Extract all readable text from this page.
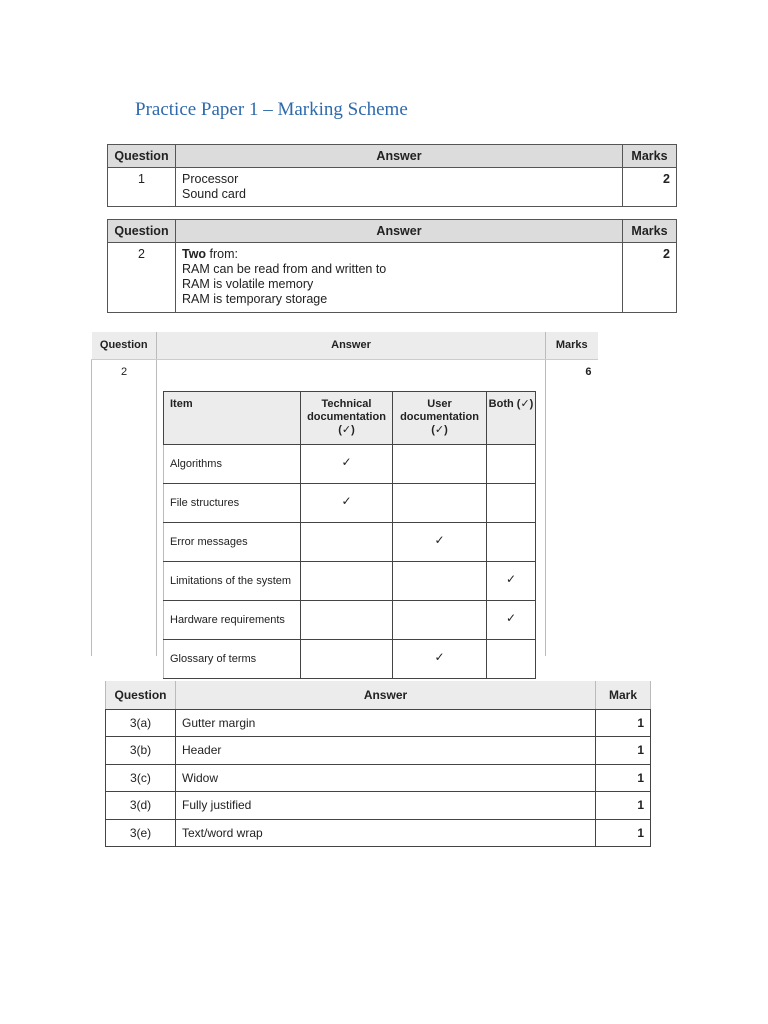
Practice Paper 1 – Marking Scheme
Question	Answer	Marks
1	Processor
Sound card	2
Question	Answer	Marks
2	Two from:
RAM can be read from and written to
RAM is volatile memory
RAM is temporary storage	2
Question	Answer	Marks
2	
Item	Technical documentation (✓)	User documentation (✓)	Both (✓)
Algorithms	✓		
File structures	✓		
Error messages		✓	
Limitations of the system			✓
Hardware requirements			✓
Glossary of terms		✓	
	6
Question	Answer	Mark
3(a)	Gutter margin	1
3(b)	Header	1
3(c)	Widow	1
3(d)	Fully justified	1
3(e)	Text/word wrap	1
